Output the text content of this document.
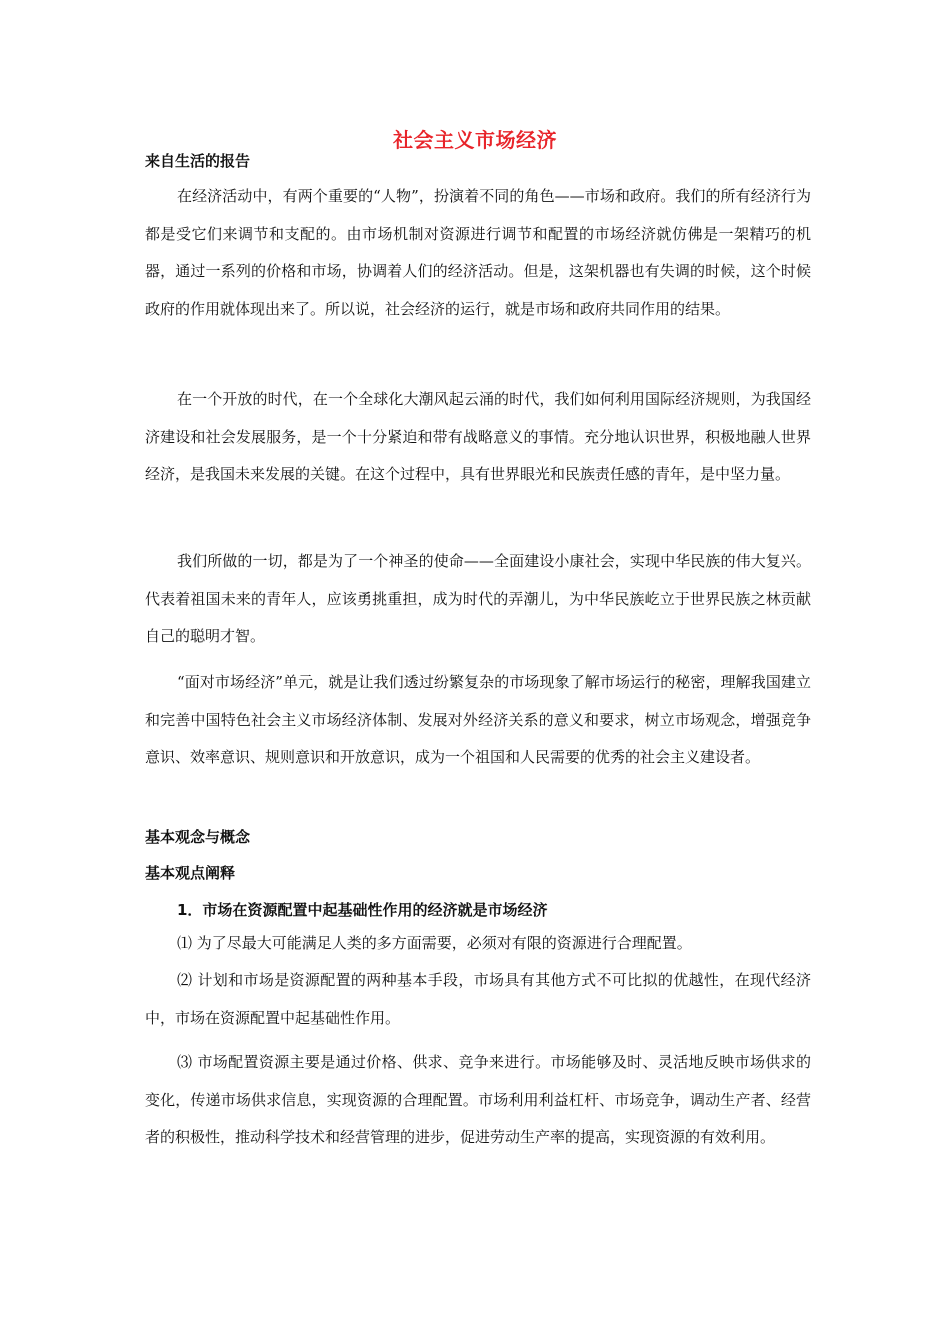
社会主义市场经济
来自生活的报告
在经济活动中，有两个重要的“人物”，扮演着不同的角色——市场和政府。我们的所有经济行为都是受它们来调节和支配的。由市场机制对资源进行调节和配置的市场经济就仿佛是一架精巧的机器，通过一系列的价格和市场，协调着人们的经济活动。但是，这架机器也有失调的时候，这个时候政府的作用就体现出来了。所以说，社会经济的运行，就是市场和政府共同作用的结果。
在一个开放的时代，在一个全球化大潮风起云涌的时代，我们如何利用国际经济规则，为我国经济建设和社会发展服务，是一个十分紧迫和带有战略意义的事情。充分地认识世界，积极地融人世界经济，是我国未来发展的关键。在这个过程中，具有世界眼光和民族责任感的青年，是中坚力量。
我们所做的一切，都是为了一个神圣的使命——全面建设小康社会，实现中华民族的伟大复兴。代表着祖国未来的青年人，应该勇挑重担，成为时代的弄潮儿，为中华民族屹立于世界民族之林贡献自己的聪明才智。
“面对市场经济”单元，就是让我们透过纷繁复杂的市场现象了解市场运行的秘密，理解我国建立和完善中国特色社会主义市场经济体制、发展对外经济关系的意义和要求，树立市场观念，增强竞争意识、效率意识、规则意识和开放意识，成为一个祖国和人民需要的优秀的社会主义建设者。
基本观念与概念
基本观点阐释
1．市场在资源配置中起基础性作用的经济就是市场经济
⑴ 为了尽最大可能满足人类的多方面需要，必须对有限的资源进行合理配置。
⑵ 计划和市场是资源配置的两种基本手段，市场具有其他方式不可比拟的优越性，在现代经济中，市场在资源配置中起基础性作用。
⑶ 市场配置资源主要是通过价格、供求、竞争来进行。市场能够及时、灵活地反映市场供求的变化，传递市场供求信息，实现资源的合理配置。市场利用利益杠杆、市场竞争，调动生产者、经营者的积极性，推动科学技术和经营管理的进步，促进劳动生产率的提高，实现资源的有效利用。
